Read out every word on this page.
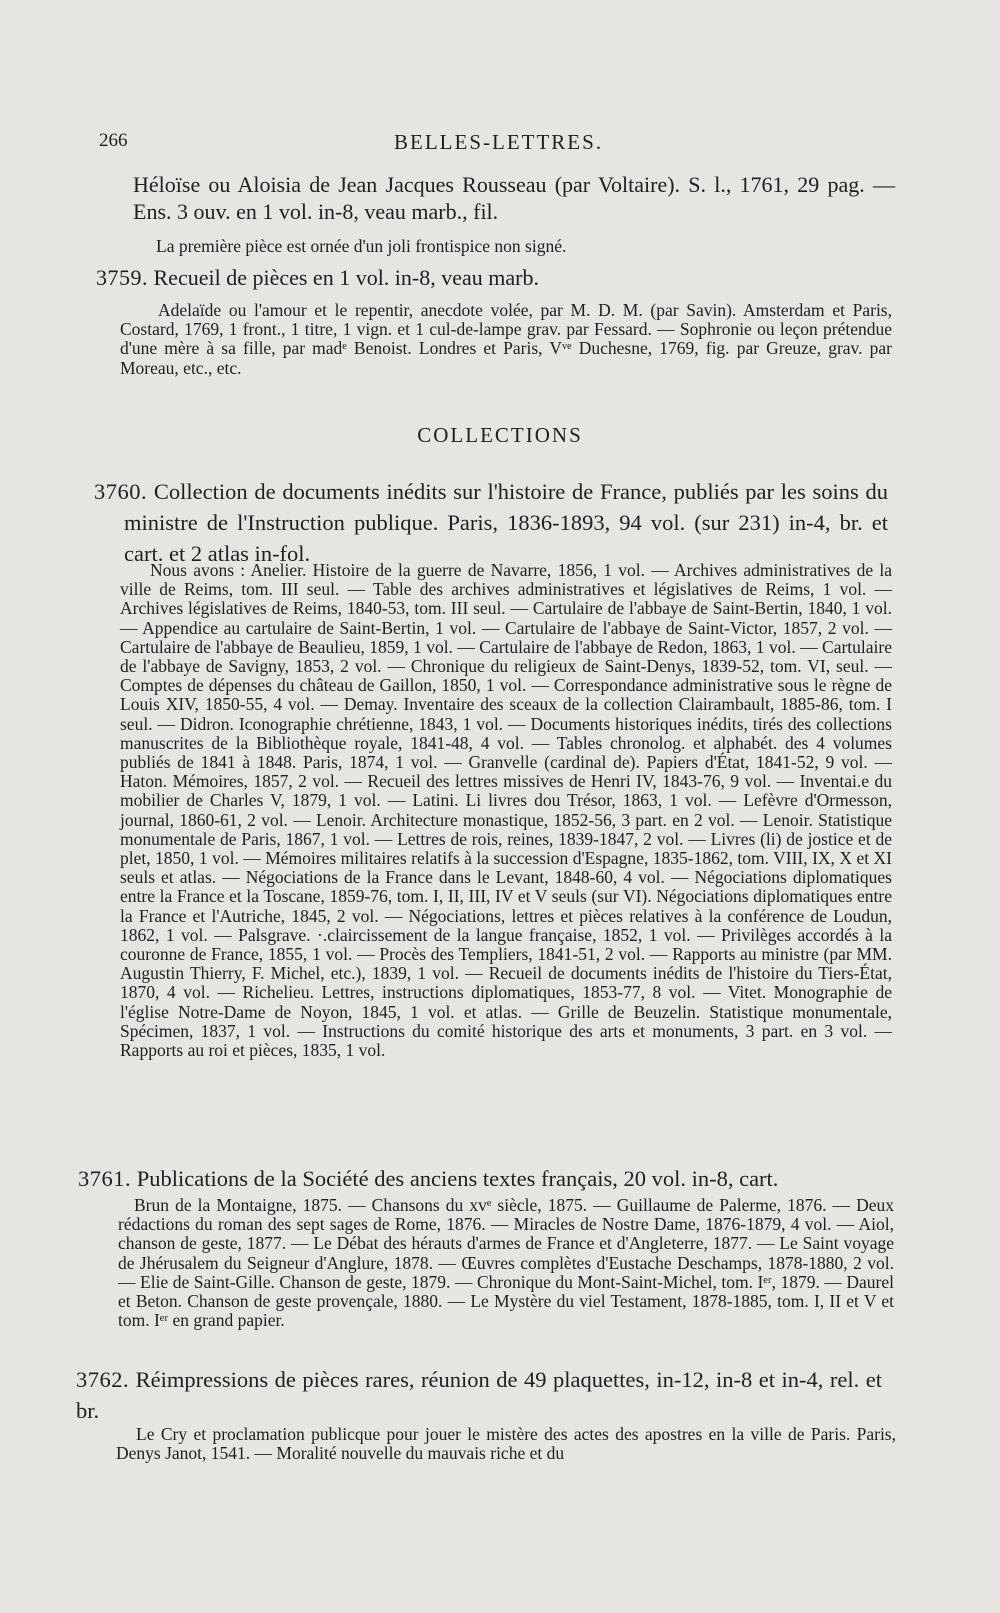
266	BELLES-LETTRES.

Héloïse ou Aloisia de Jean Jacques Rousseau (par Voltaire). S. l., 1761, 29 pag. — Ens. 3 ouv. en 1 vol. in-8, veau marb., fil.

La première pièce est ornée d'un joli frontispice non signé.

3759. Recueil de pièces en 1 vol. in-8, veau marb.

Adelaïde ou l'amour et le repentir, anecdote volée, par M. D. M. (par Savin). Amsterdam et Paris, Costard, 1769, 1 front., 1 titre, 1 vign. et 1 cul-de-lampe grav. par Fessard. — Sophronie ou leçon prétendue d'une mère à sa fille, par madᵉ Benoist. Londres et Paris, Vᵛᵉ Duchesne, 1769, fig. par Greuze, grav. par Moreau, etc., etc.

COLLECTIONS

3760. Collection de documents inédits sur l'histoire de France, publiés par les soins du ministre de l'Instruction publique. Paris, 1836-1893, 94 vol. (sur 231) in-4, br. et cart. et 2 atlas in-fol.

Nous avons : Anelier. Histoire de la guerre de Navarre, 1856, 1 vol. — Archives administratives de la ville de Reims, tom. III seul. — Table des archives administratives et législatives de Reims, 1 vol. — Archives législatives de Reims, 1840-53, tom. III seul. — Cartulaire de l'abbaye de Saint-Bertin, 1840, 1 vol. — Appendice au cartulaire de Saint-Bertin, 1 vol. — Cartulaire de l'abbaye de Saint-Victor, 1857, 2 vol. — Cartulaire de l'abbaye de Beaulieu, 1859, 1 vol. — Cartulaire de l'abbaye de Redon, 1863, 1 vol. — Cartulaire de l'abbaye de Savigny, 1853, 2 vol. — Chronique du religieux de Saint-Denys, 1839-52, tom. VI, seul. — Comptes de dépenses du château de Gaillon, 1850, 1 vol. — Correspondance administrative sous le règne de Louis XIV, 1850-55, 4 vol. — Demay. Inventaire des sceaux de la collection Clairambault, 1885-86, tom. I seul. — Didron. Iconographie chrétienne, 1843, 1 vol. — Documents historiques inédits, tirés des collections manuscrites de la Bibliothèque royale, 1841-48, 4 vol. — Tables chronolog. et alphabét. des 4 volumes publiés de 1841 à 1848. Paris, 1874, 1 vol. — Granvelle (cardinal de). Papiers d'État, 1841-52, 9 vol. — Haton. Mémoires, 1857, 2 vol. — Recueil des lettres missives de Henri IV, 1843-76, 9 vol. — Inventai.e du mobilier de Charles V, 1879, 1 vol. — Latini. Li livres dou Trésor, 1863, 1 vol. — Lefèvre d'Ormesson, journal, 1860-61, 2 vol. — Lenoir. Architecture monastique, 1852-56, 3 part. en 2 vol. — Lenoir. Statistique monumentale de Paris, 1867, 1 vol. — Lettres de rois, reines, 1839-1847, 2 vol. — Livres (li) de jostice et de plet, 1850, 1 vol. — Mémoires militaires relatifs à la succession d'Espagne, 1835-1862, tom. VIII, IX, X et XI seuls et atlas. — Négociations de la France dans le Levant, 1848-60, 4 vol. — Négociations diplomatiques entre la France et la Toscane, 1859-76, tom. I, II, III, IV et V seuls (sur VI). Négociations diplomatiques entre la France et l'Autriche, 1845, 2 vol. — Négociations, lettres et pièces relatives à la conférence de Loudun, 1862, 1 vol. — Palsgrave. ·.claircissement de la langue française, 1852, 1 vol. — Privilèges accordés à la couronne de France, 1855, 1 vol. — Procès des Templiers, 1841-51, 2 vol. — Rapports au ministre (par MM. Augustin Thierry, F. Michel, etc.), 1839, 1 vol. — Recueil de documents inédits de l'histoire du Tiers-État, 1870, 4 vol. — Richelieu. Lettres, instructions diplomatiques, 1853-77, 8 vol. — Vitet. Monographie de l'église Notre-Dame de Noyon, 1845, 1 vol. et atlas. — Grille de Beuzelin. Statistique monumentale, Spécimen, 1837, 1 vol. — Instructions du comité historique des arts et monuments, 3 part. en 3 vol. — Rapports au roi et pièces, 1835, 1 vol.

3761. Publications de la Société des anciens textes français, 20 vol. in-8, cart.

Brun de la Montaigne, 1875. — Chansons du xvᵉ siècle, 1875. — Guillaume de Palerme, 1876. — Deux rédactions du roman des sept sages de Rome, 1876. — Miracles de Nostre Dame, 1876-1879, 4 vol. — Aiol, chanson de geste, 1877. — Le Débat des hérauts d'armes de France et d'Angleterre, 1877. — Le Saint voyage de Jhérusalem du Seigneur d'Anglure, 1878. — Œuvres complètes d'Eustache Deschamps, 1878-1880, 2 vol. — Elie de Saint-Gille. Chanson de geste, 1879. — Chronique du Mont-Saint-Michel, tom. Iᵉʳ, 1879. — Daurel et Beton. Chanson de geste provençale, 1880. — Le Mystère du viel Testament, 1878-1885, tom. I, II et V et tom. Iᵉʳ en grand papier.

3762. Réimpressions de pièces rares, réunion de 49 plaquettes, in-12, in-8 et in-4, rel. et br.

Le Cry et proclamation publicque pour jouer le mistère des actes des apostres en la ville de Paris. Paris, Denys Janot, 1541. — Moralité nouvelle du mauvais riche et du
